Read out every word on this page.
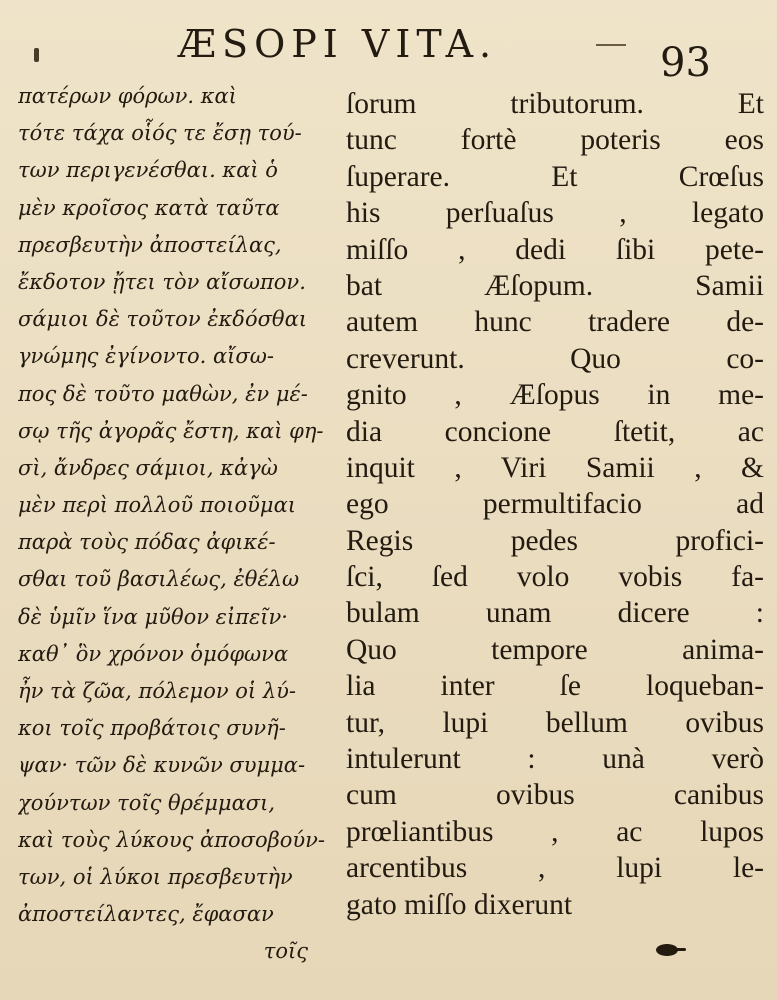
ÆSOPI VITA.	93
πατέρων φόρων. καὶ
τότε τάχα οἷός τε ἔσῃ τού-
των περιγενέσθαι. καὶ ὁ
μὲν κροῖσος κατὰ ταῦτα
πρεσβευτὴν ἀποστείλας,
ἔκδοτον ᾔτει τὸν αἴσωπον.
σάμιοι δὲ τοῦτον ἐκδόσθαι
γνώμης ἐγίνοντο. αἴσω-
πος δὲ τοῦτο μαθὼν, ἐν μέ-
σῳ τῆς ἀγορᾶς ἔστη, καὶ φη-
σὶ, ἄνδρες σάμιοι, κἀγὼ
μὲν περὶ πολλοῦ ποιοῦμαι
παρὰ τοὺς πόδας ἀφικέ-
σθαι τοῦ βασιλέως, ἐθέλω
δὲ ὑμῖν ἵνα μῦθον εἰπεῖν·
καθ᾽ ὃν χρόνον ὁμόφωνα
ἦν τὰ ζῶα, πόλεμον οἱ λύ-
κοι τοῖς προβάτοις συνῆ-
ψαν· τῶν δὲ κυνῶν συμμα-
χούντων τοῖς θρέμμασι,
καὶ τοὺς λύκους ἀποσοβούν-
των, οἱ λύκοι πρεσβευτὴν
ἀποστείλαντες, ἔφασαν
τοῖς
ſorum tributorum. Et
tunc fortè poteris eos
ſuperare. Et Crœſus
his perſuaſus , legato
miſſo , dedi ſibi pete-
bat Æſopum. Samii
autem hunc tradere de-
creverunt. Quo co-
gnito , Æſopus in me-
dia concione ſtetit, ac
inquit , Viri Samii , &
ego permultifacio ad
Regis pedes profici-
ſci, ſed volo vobis fa-
bulam unam dicere :
Quo tempore anima-
lia inter ſe loqueban-
tur, lupi bellum ovibus
intulerunt : unà verò
cum ovibus canibus
prœliantibus , ac lupos
arcentibus , lupi le-
gato miſſo dixerunt
